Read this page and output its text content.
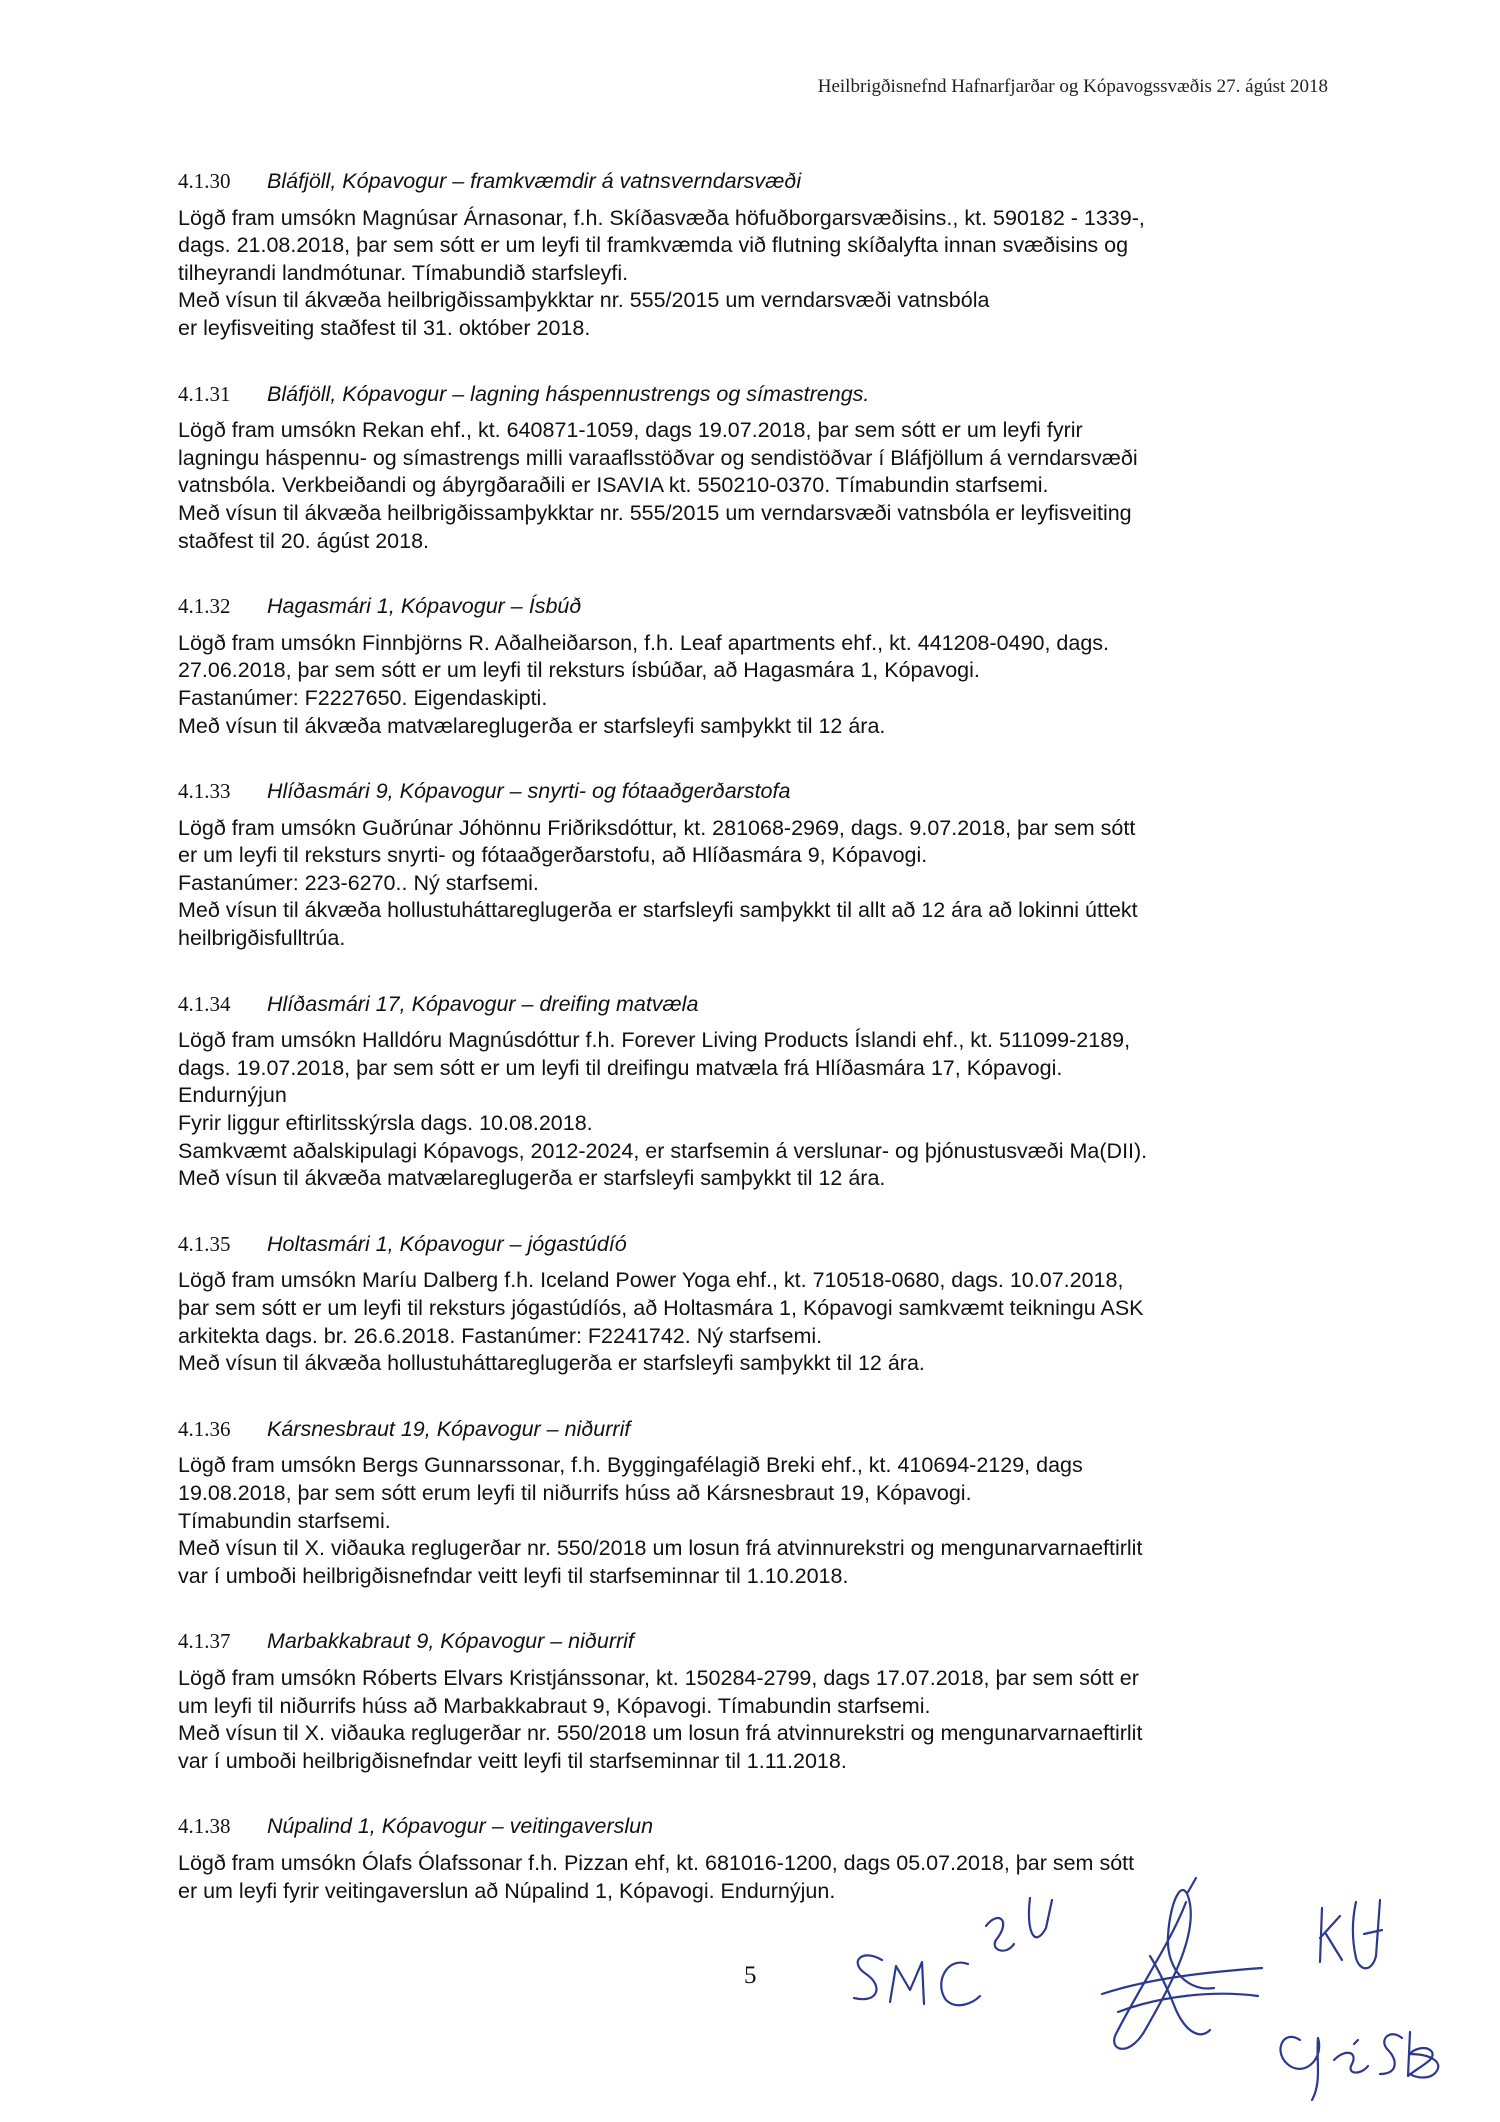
Heilbrigðisnefnd Hafnarfjarðar og Kópavogssvæðis 27. ágúst 2018
4.1.30 Bláfjöll, Kópavogur – framkvæmdir á vatnsverndarsvæði
Lögð fram umsókn Magnúsar Árnasonar, f.h. Skíðasvæða höfuðborgarsvæðisins., kt. 590182 - 1339-,
dags. 21.08.2018, þar sem sótt er um leyfi til framkvæmda við flutning skíðalyfta innan svæðisins og
tilheyrandi landmótunar. Tímabundið starfsleyfi.
Með vísun til ákvæða heilbrigðissamþykktar nr. 555/2015 um verndarsvæði vatnsbóla
er leyfisveiting staðfest til 31. október 2018.
4.1.31 Bláfjöll, Kópavogur – lagning háspennustrengs og símastrengs.
Lögð fram umsókn Rekan ehf., kt. 640871-1059, dags 19.07.2018, þar sem sótt er um leyfi fyrir
lagningu háspennu- og símastrengs milli varaaflsstöðvar og sendistöðvar í Bláfjöllum á verndarsvæði
vatnsbóla. Verkbeiðandi og ábyrgðaraðili er ISAVIA kt. 550210-0370. Tímabundin starfsemi.
Með vísun til ákvæða heilbrigðissamþykktar nr. 555/2015 um verndarsvæði vatnsbóla er leyfisveiting
staðfest til 20. ágúst 2018.
4.1.32 Hagasmári 1, Kópavogur – Ísbúð
Lögð fram umsókn Finnbjörns R. Aðalheiðarson, f.h. Leaf apartments ehf., kt. 441208-0490, dags.
27.06.2018, þar sem sótt er um leyfi til reksturs ísbúðar, að Hagasmára 1, Kópavogi.
Fastanúmer: F2227650. Eigendaskipti.
Með vísun til ákvæða matvælareglugerða er starfsleyfi samþykkt til 12 ára.
4.1.33 Hlíðasmári 9, Kópavogur – snyrti- og fótaaðgerðarstofa
Lögð fram umsókn Guðrúnar Jóhönnu Friðriksdóttur, kt. 281068-2969, dags. 9.07.2018, þar sem sótt
er um leyfi til reksturs snyrti- og fótaaðgerðarstofu, að Hlíðasmára 9, Kópavogi.
Fastanúmer: 223-6270.. Ný starfsemi.
Með vísun til ákvæða hollustuháttareglugerða er starfsleyfi samþykkt til allt að 12 ára að lokinni úttekt
heilbrigðisfulltrúa.
4.1.34 Hlíðasmári 17, Kópavogur – dreifing matvæla
Lögð fram umsókn Halldóru Magnúsdóttur f.h. Forever Living Products Íslandi ehf., kt. 511099-2189,
dags. 19.07.2018, þar sem sótt er um leyfi til dreifingu matvæla frá Hlíðasmára 17, Kópavogi.
Endurnýjun
Fyrir liggur eftirlitsskýrsla dags. 10.08.2018.
Samkvæmt aðalskipulagi Kópavogs, 2012-2024, er starfsemin á verslunar- og þjónustusvæði Ma(DII).
Með vísun til ákvæða matvælareglugerða er starfsleyfi samþykkt til 12 ára.
4.1.35 Holtasmári 1, Kópavogur – jógastúdíó
Lögð fram umsókn Maríu Dalberg f.h. Iceland Power Yoga ehf., kt. 710518-0680, dags. 10.07.2018,
þar sem sótt er um leyfi til reksturs jógastúdíós, að Holtasmára 1, Kópavogi samkvæmt teikningu ASK
arkitekta dags. br. 26.6.2018. Fastanúmer: F2241742. Ný starfsemi.
Með vísun til ákvæða hollustuháttareglugerða er starfsleyfi samþykkt til 12 ára.
4.1.36 Kársnesbraut 19, Kópavogur – niðurrif
Lögð fram umsókn Bergs Gunnarssonar, f.h. Byggingafélagið Breki ehf., kt. 410694-2129, dags
19.08.2018, þar sem sótt erum leyfi til niðurrifs húss að Kársnesbraut 19, Kópavogi.
Tímabundin starfsemi.
Með vísun til X. viðauka reglugerðar nr. 550/2018 um losun frá atvinnurekstri og mengunarvarnaeftirlit
var í umboði heilbrigðisnefndar veitt leyfi til starfseminnar til 1.10.2018.
4.1.37 Marbakkabraut 9, Kópavogur – niðurrif
Lögð fram umsókn Róberts Elvars Kristjánssonar, kt. 150284-2799, dags 17.07.2018, þar sem sótt er
um leyfi til niðurrifs húss að Marbakkabraut 9, Kópavogi. Tímabundin starfsemi.
Með vísun til X. viðauka reglugerðar nr. 550/2018 um losun frá atvinnurekstri og mengunarvarnaeftirlit
var í umboði heilbrigðisnefndar veitt leyfi til starfseminnar til 1.11.2018.
4.1.38 Núpalind 1, Kópavogur – veitingaverslun
Lögð fram umsókn Ólafs Ólafssonar f.h. Pizzan ehf, kt. 681016-1200, dags 05.07.2018, þar sem sótt
er um leyfi fyrir veitingaverslun að Núpalind 1, Kópavogi. Endurnýjun.
5
